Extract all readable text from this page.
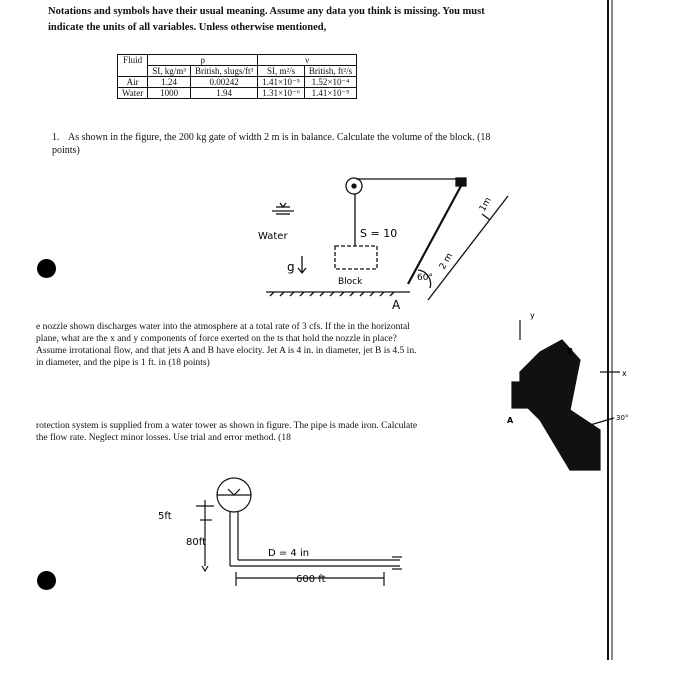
Notations and symbols have their usual meaning. Assume any data you think is missing. You must indicate the units of all variables. Unless otherwise mentioned,
Fluid	ρ		ν	
	SI, kg/m³	British, slugs/ft³	SI, m²/s	British, ft²/s
Air	1.24	0.00242	1.41×10⁻⁵	1.52×10⁻⁴
Water	1000	1.94	1.31×10⁻⁶	1.41×10⁻⁵
1. As shown in the figure, the 200 kg gate of width 2 m is in balance. Calculate the volume of the block. (18 points)
Water
g
S = 10
Block	60°
A
2 m
1m
y
x
B
A	30°
5ft
80ft
D = 4 in
600 ft
e nozzle shown discharges water into the atmosphere at a total rate of 3 cfs. If the in the horizontal plane, what are the x and y components of force exerted on the ts that hold the nozzle in place? Assume irrotational flow, and that jets A and B have elocity. Jet A is 4 in. in diameter, jet B is 4.5 in. in diameter, and the pipe is 1 ft. in (18 points)
rotection system is supplied from a water tower as shown in figure. The pipe is made iron. Calculate the flow rate. Neglect minor losses. Use trial and error method. (18
